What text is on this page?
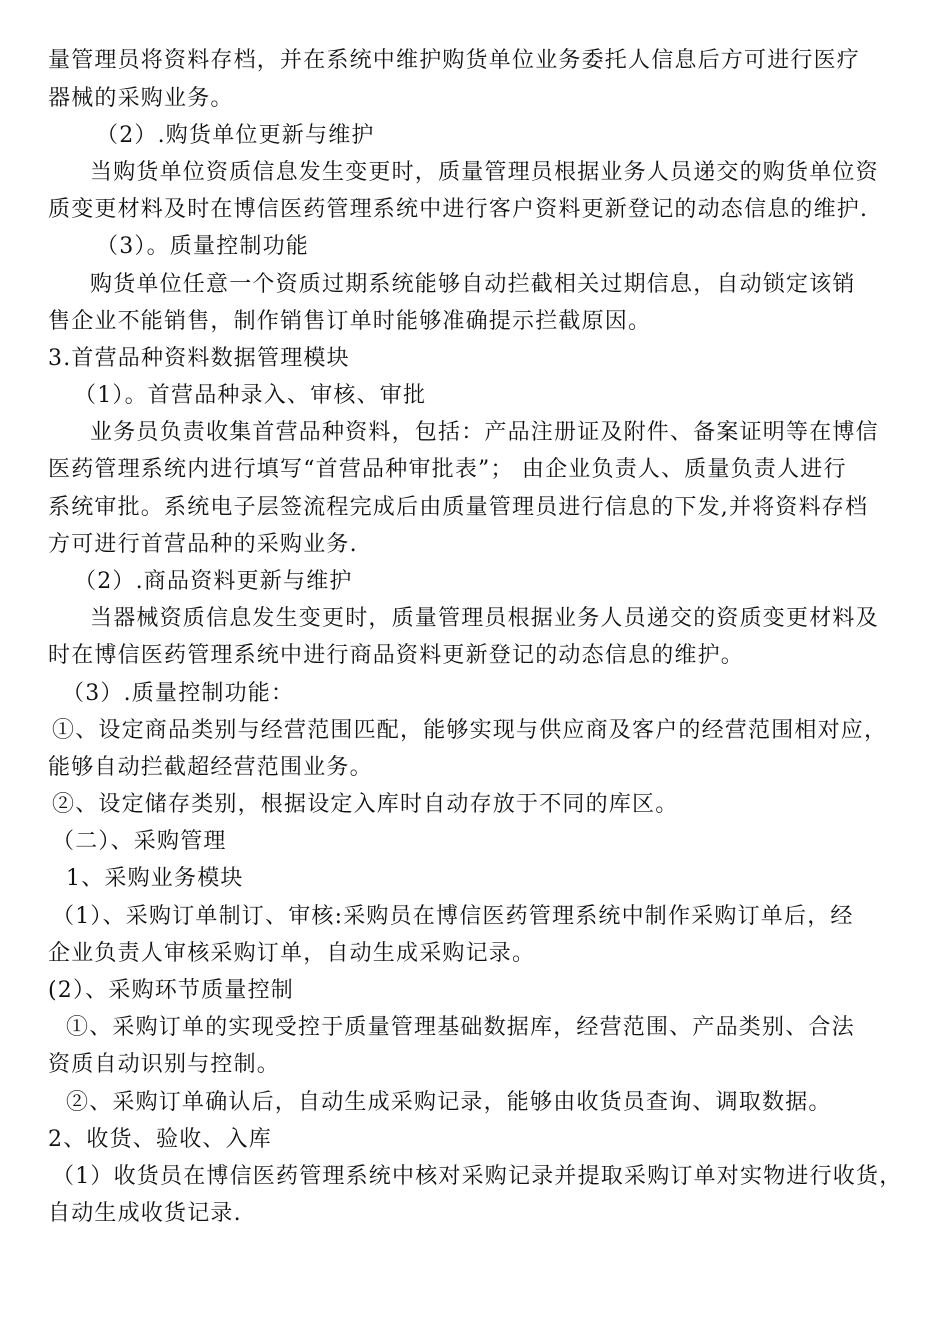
量管理员将资料存档，并在系统中维护购货单位业务委托人信息后方可进行医疗
器械的采购业务。
（2）.购货单位更新与维护
当购货单位资质信息发生变更时，质量管理员根据业务人员递交的购货单位资
质变更材料及时在博信医药管理系统中进行客户资料更新登记的动态信息的维护.
（3）。质量控制功能
购货单位任意一个资质过期系统能够自动拦截相关过期信息，自动锁定该销
售企业不能销售，制作销售订单时能够准确提示拦截原因。
3.首营品种资料数据管理模块
（1）。首营品种录入、审核、审批
业务员负责收集首营品种资料，包括：产品注册证及附件、备案证明等在博信
医药管理系统内进行填写“首营品种审批表”； 由企业负责人、质量负责人进行
系统审批。系统电子层签流程完成后由质量管理员进行信息的下发,并将资料存档
方可进行首营品种的采购业务.
（2）.商品资料更新与维护
当器械资质信息发生变更时，质量管理员根据业务人员递交的资质变更材料及
时在博信医药管理系统中进行商品资料更新登记的动态信息的维护。
（3）.质量控制功能：
①、设定商品类别与经营范围匹配，能够实现与供应商及客户的经营范围相对应，
能够自动拦截超经营范围业务。
②、设定储存类别，根据设定入库时自动存放于不同的库区。
（二）、采购管理
1、采购业务模块
（1）、采购订单制订、审核:采购员在博信医药管理系统中制作采购订单后，经
企业负责人审核采购订单，自动生成采购记录。
(2）、采购环节质量控制
①、采购订单的实现受控于质量管理基础数据库，经营范围、产品类别、合法
资质自动识别与控制。
②、采购订单确认后，自动生成采购记录，能够由收货员查询、调取数据。
2、收货、验收、入库
（1）收货员在博信医药管理系统中核对采购记录并提取采购订单对实物进行收货，
自动生成收货记录.
